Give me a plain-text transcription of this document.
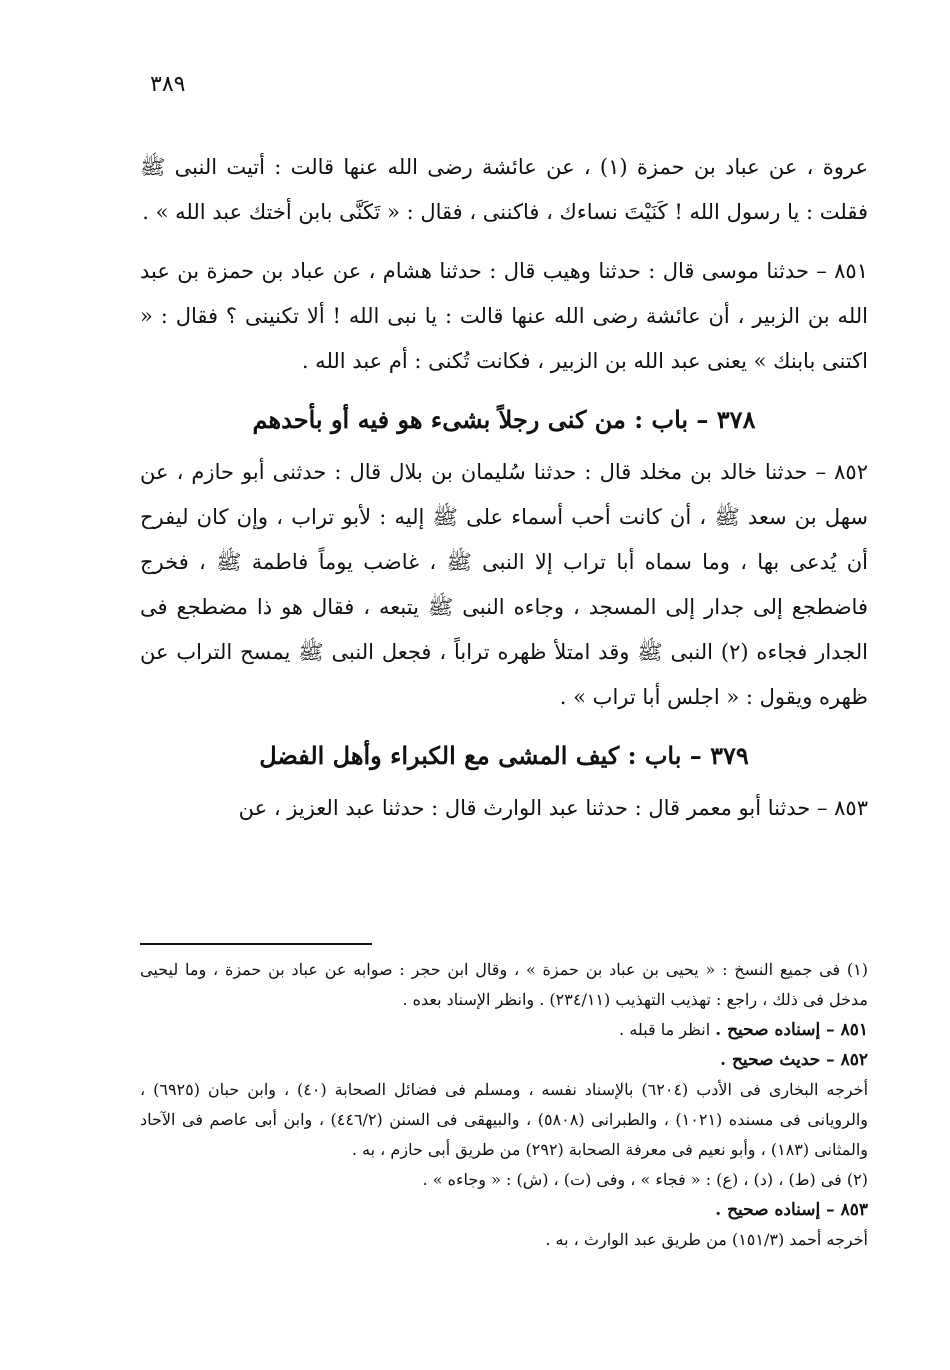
٣٨٩

عروة ، عن عباد بن حمزة (١) ، عن عائشة رضى الله عنها قالت : أتيت النبى ﷺ فقلت : يا رسول الله ! كَنَيْتَ نساءك ، فاكننى ، فقال : « تَكَنَّى بابن أختك عبد الله » .

٨٥١ – حدثنا موسى قال : حدثنا وهيب قال : حدثنا هشام ، عن عباد بن حمزة بن عبد الله بن الزبير ، أن عائشة رضى الله عنها قالت : يا نبى الله ! ألا تكنينى ؟ فقال : « اكتنى بابنك » يعنى عبد الله بن الزبير ، فكانت تُكنى : أم عبد الله .

٣٧٨ – باب : من كنى رجلاً بشىء هو فيه أو بأحدهم

٨٥٢ – حدثنا خالد بن مخلد قال : حدثنا سُليمان بن بلال قال : حدثنى أبو حازم ، عن سهل بن سعد ﷺ ، أن كانت أحب أسماء على ﷺ إليه : لأبو تراب ، وإن كان ليفرح أن يُدعى بها ، وما سماه أبا تراب إلا النبى ﷺ ، غاضب يوماً فاطمة ﷺ ، فخرج فاضطجع إلى جدار إلى المسجد ، وجاءه النبى ﷺ يتبعه ، فقال هو ذا مضطجع فى الجدار فجاءه (٢) النبى ﷺ وقد امتلأ ظهره تراباً ، فجعل النبى ﷺ يمسح التراب عن ظهره ويقول : « اجلس أبا تراب » .

٣٧٩ – باب : كيف المشى مع الكبراء وأهل الفضل

٨٥٣ – حدثنا أبو معمر قال : حدثنا عبد الوارث قال : حدثنا عبد العزيز ، عن

(١) فى جميع النسخ : « يحيى بن عباد بن حمزة » ، وقال ابن حجر : صوابه عن عباد بن حمزة ، وما ليحيى مدخل فى ذلك ، راجع : تهذيب التهذيب (٢٣٤/١١) . وانظر الإسناد بعده .

٨٥١ – إسناده صحيح . انظر ما قبله .

٨٥٢ – حديث صحيح .

أخرجه البخارى فى الأدب (٦٢٠٤) بالإسناد نفسه ، ومسلم فى فضائل الصحابة (٤٠) ، وابن حبان (٦٩٢٥) ، والرويانى فى مسنده (١٠٢١) ، والطبرانى (٥٨٠٨) ، والبيهقى فى السنن (٤٤٦/٢) ، وابن أبى عاصم فى الآحاد والمثانى (١٨٣) ، وأبو نعيم فى معرفة الصحابة (٢٩٢) من طريق أبى حازم ، به .

(٢) فى (ط) ، (د) ، (ع) : « فجاء » ، وفى (ت) ، (ش) : « وجاءه » .

٨٥٣ – إسناده صحيح .

أخرجه أحمد (١٥١/٣) من طريق عبد الوارث ، به .
